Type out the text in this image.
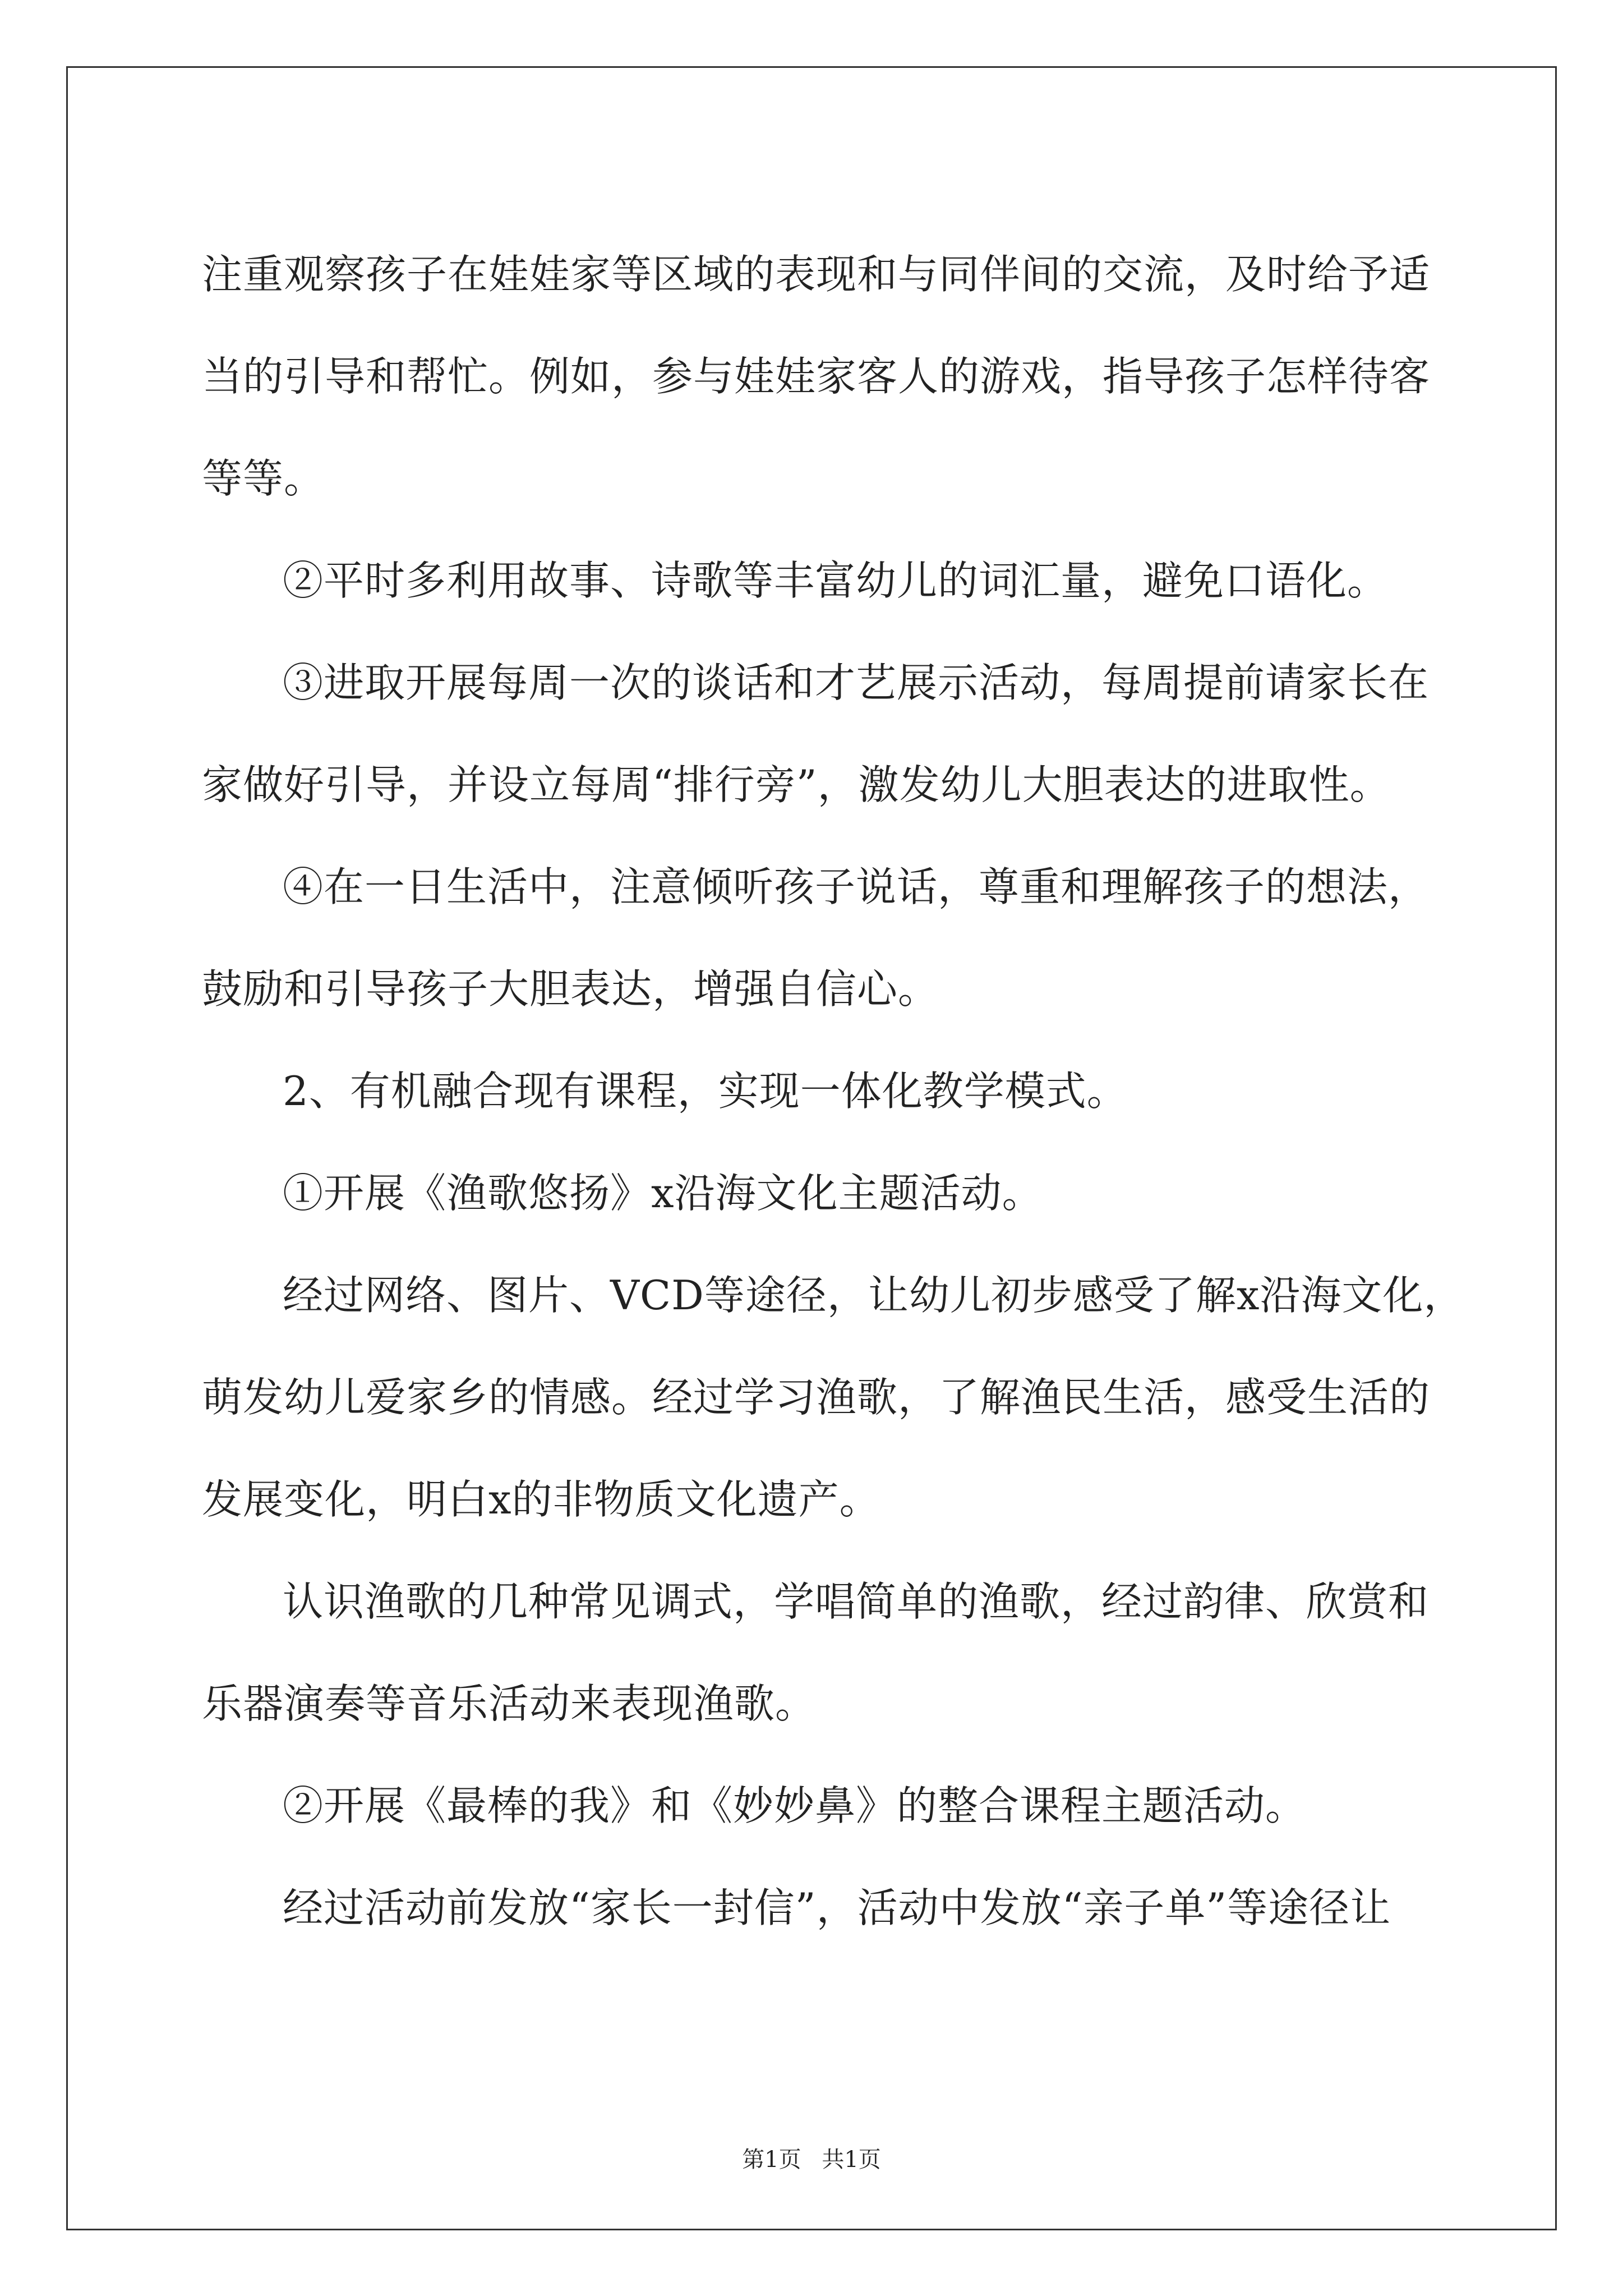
注重观察孩子在娃娃家等区域的表现和与同伴间的交流，及时给予适
当的引导和帮忙。例如，参与娃娃家客人的游戏，指导孩子怎样待客
等等。
②平时多利用故事、诗歌等丰富幼儿的词汇量，避免口语化。
③进取开展每周一次的谈话和才艺展示活动，每周提前请家长在
家做好引导，并设立每周“排行旁”，激发幼儿大胆表达的进取性。
④在一日生活中，注意倾听孩子说话，尊重和理解孩子的想法，
鼓励和引导孩子大胆表达，增强自信心。
2、有机融合现有课程，实现一体化教学模式。
①开展《渔歌悠扬》x沿海文化主题活动。
经过网络、图片、VCD等途径，让幼儿初步感受了解x沿海文化，
萌发幼儿爱家乡的情感。经过学习渔歌，了解渔民生活，感受生活的
发展变化，明白x的非物质文化遗产。
认识渔歌的几种常见调式，学唱简单的渔歌，经过韵律、欣赏和
乐器演奏等音乐活动来表现渔歌。
②开展《最棒的我》和《妙妙鼻》的整合课程主题活动。
经过活动前发放“家长一封信”，活动中发放“亲子单”等途径让
第1页 共1页
